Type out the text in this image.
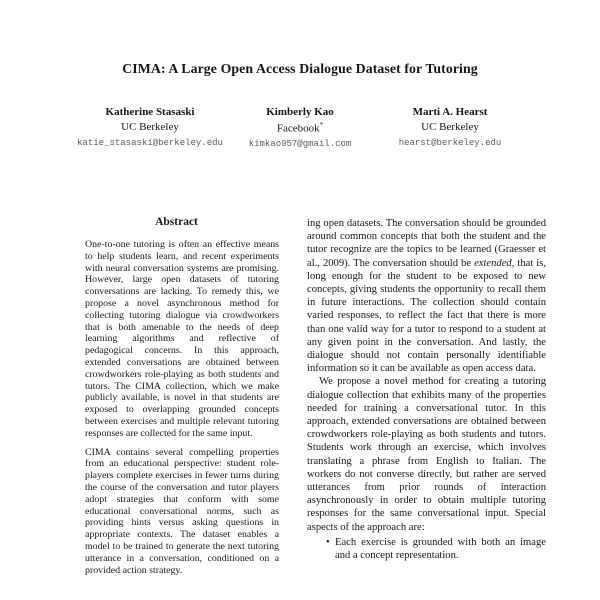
CIMA: A Large Open Access Dialogue Dataset for Tutoring
Katherine Stasaski
UC Berkeley
katie_stasaski@berkeley.edu
Kimberly Kao
Facebook*
kimkao957@gmail.com
Marti A. Hearst
UC Berkeley
hearst@berkeley.edu
Abstract

One-to-one tutoring is often an effective means to help students learn, and recent experiments with neural conversation systems are promising. However, large open datasets of tutoring conversations are lacking. To remedy this, we propose a novel asynchronous method for collecting tutoring dialogue via crowdworkers that is both amenable to the needs of deep learning algorithms and reflective of pedagogical concerns. In this approach, extended conversations are obtained between crowdworkers role-playing as both students and tutors. The CIMA collection, which we make publicly available, is novel in that students are exposed to overlapping grounded concepts between exercises and multiple relevant tutoring responses are collected for the same input.

CIMA contains several compelling properties from an educational perspective: student role-players complete exercises in fewer turns during the course of the conversation and tutor players adopt strategies that conform with some educational conversational norms, such as providing hints versus asking questions in appropriate contexts. The dataset enables a model to be trained to generate the next tutoring utterance in a conversation, conditioned on a provided action strategy.

ing open datasets. The conversation should be grounded around common concepts that both the student and the tutor recognize are the topics to be learned (Graesser et al., 2009). The conversation should be extended, that is, long enough for the student to be exposed to new concepts, giving students the opportunity to recall them in future interactions. The collection should contain varied responses, to reflect the fact that there is more than one valid way for a tutor to respond to a student at any given point in the conversation. And lastly, the dialogue should not contain personally identifiable information so it can be available as open access data.

We propose a novel method for creating a tutoring dialogue collection that exhibits many of the properties needed for training a conversational tutor. In this approach, extended conversations are obtained between crowdworkers role-playing as both students and tutors. Students work through an exercise, which involves translating a phrase from English to Italian. The workers do not converse directly, but rather are served utterances from prior rounds of interaction asynchronously in order to obtain multiple tutoring responses for the same conversational input. Special aspects of the approach are:

• Each exercise is grounded with both an image and a concept representation.
